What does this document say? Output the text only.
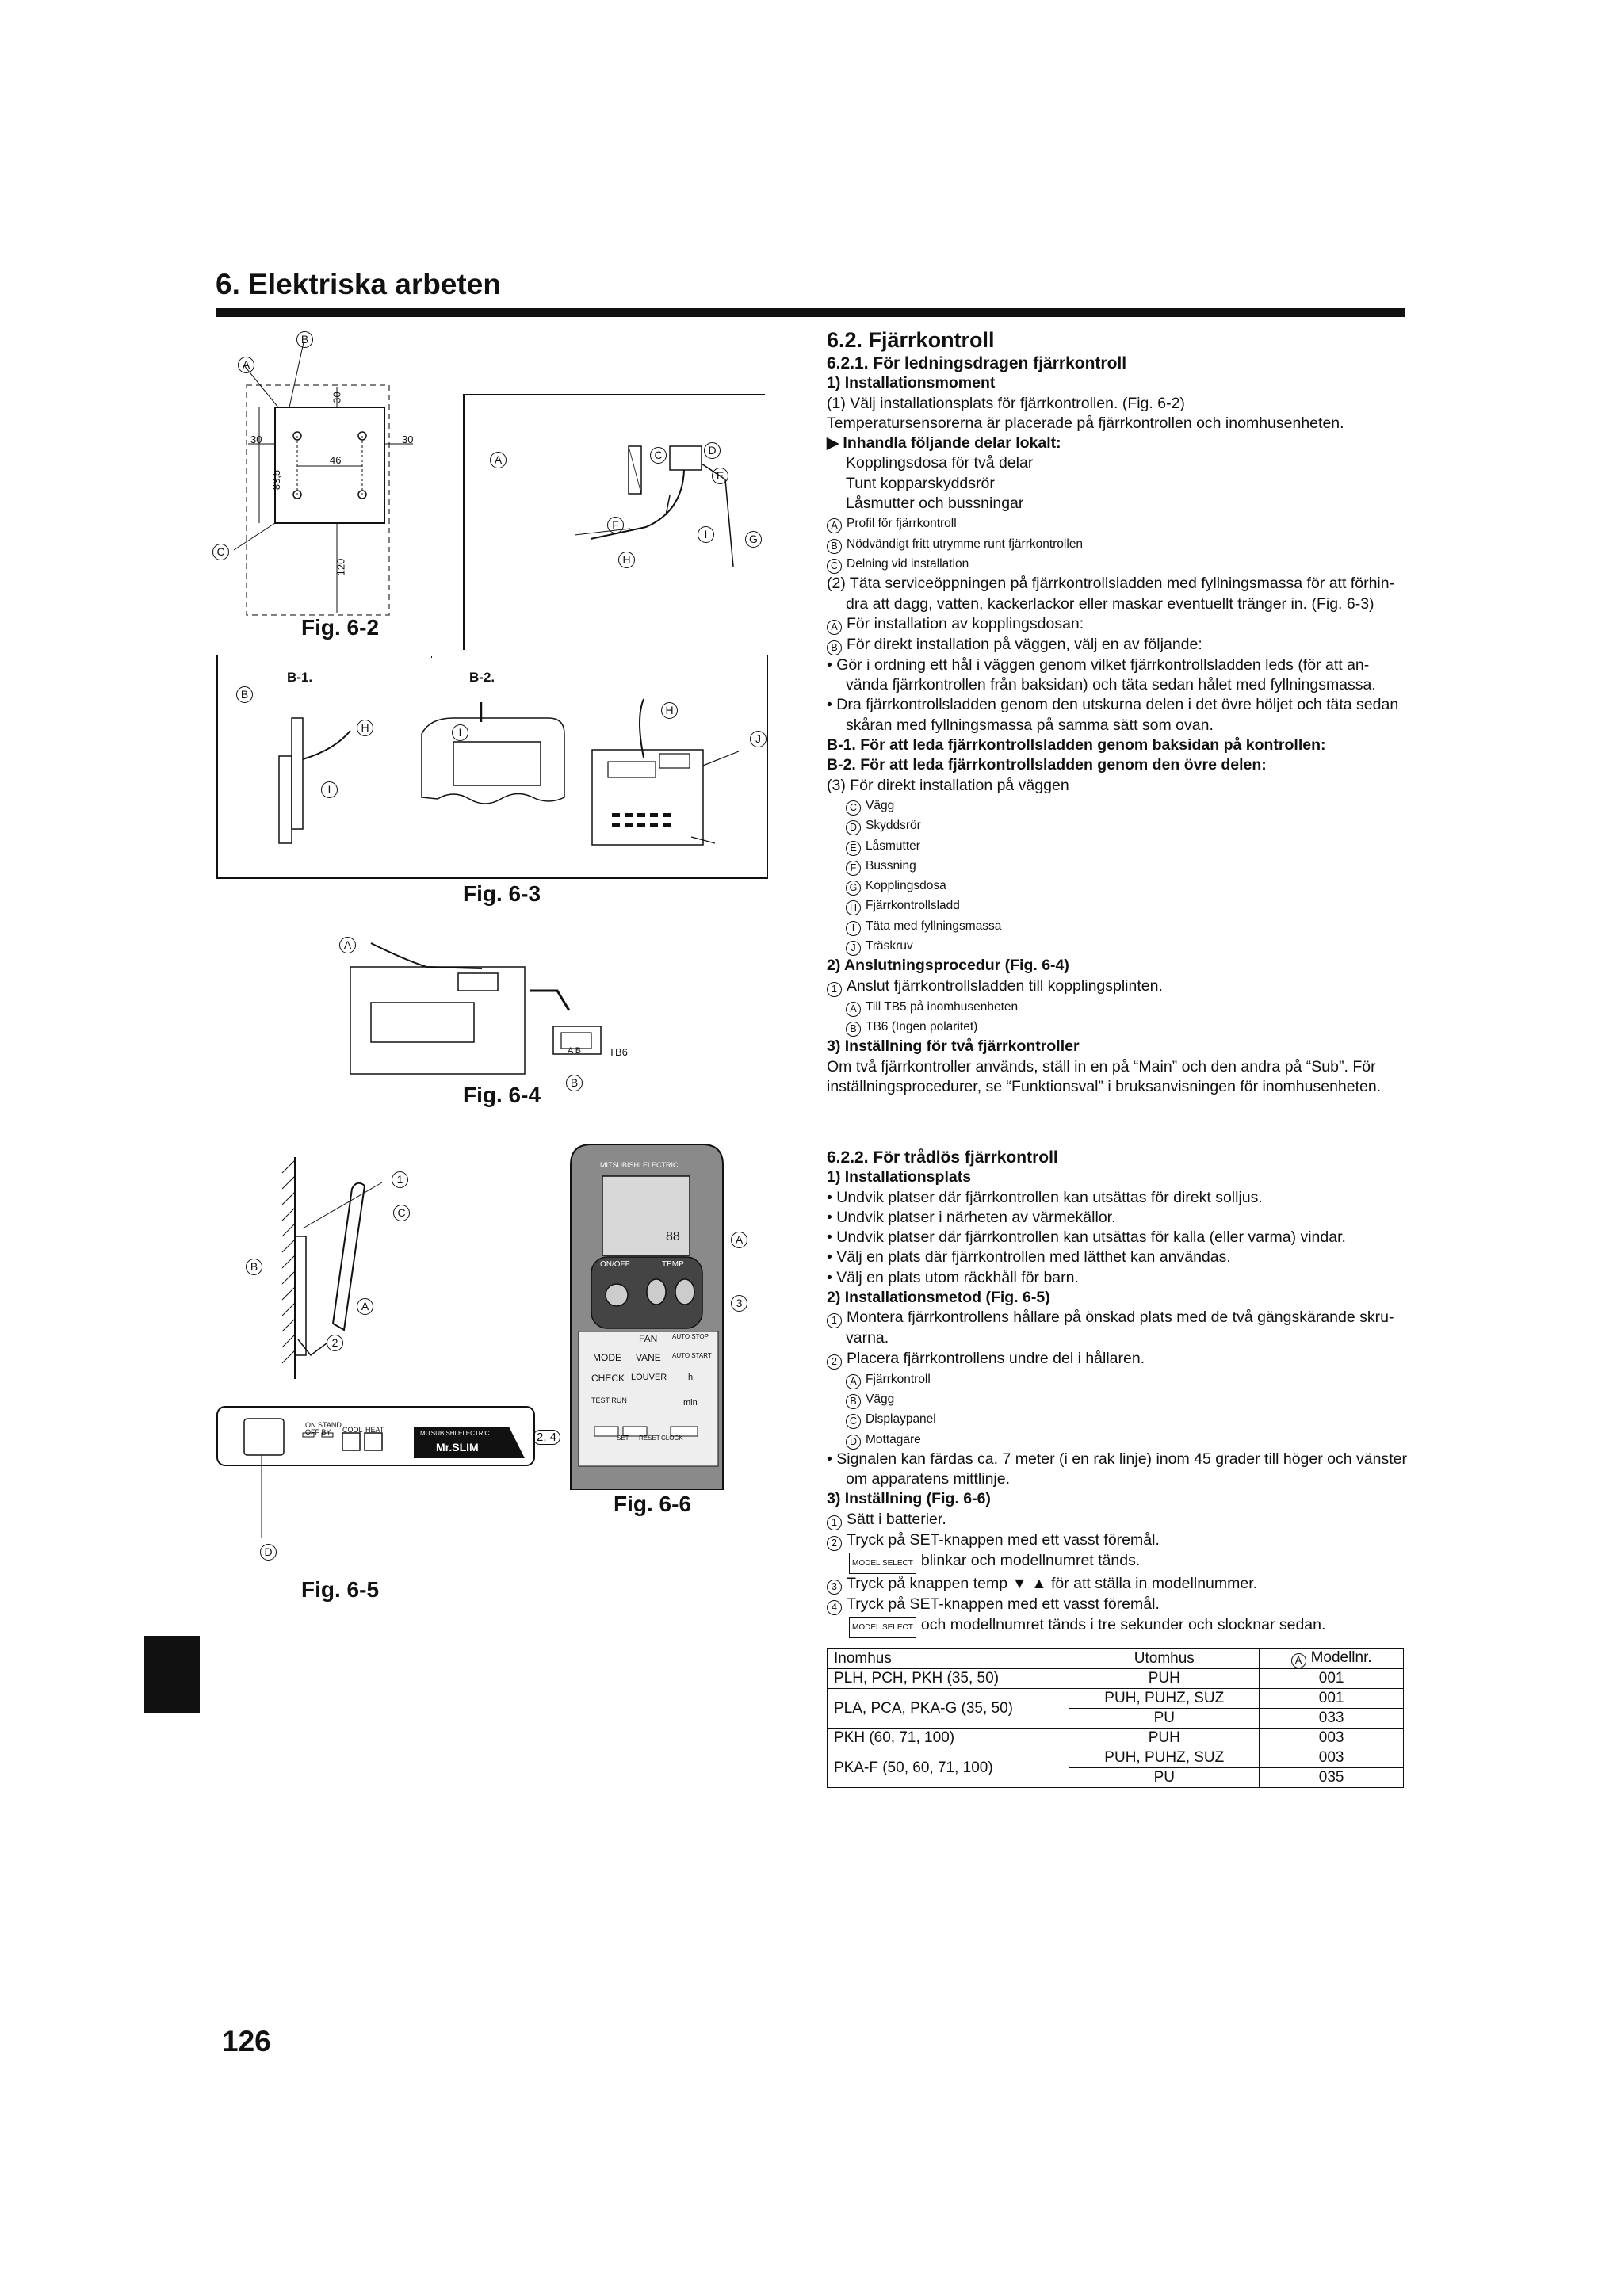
6. Elektriska arbeten
30	30
30
46
83,5
120
B
A
C
Fig. 6-2
A	C	D
E
F
G
H
I
B-1.	B-2.
B
H
I
I
H
J
Fig. 6-3
A B	TB6
A
B
Fig. 6-4
ON STAND
OFF BY COOL HEAT	MITSUBISHI ELECTRIC
Mr.SLIM
1
C
B
A
2
D
Fig. 6-5
MITSUBISHI ELECTRIC
88
ON/OFF	TEMP
FAN
MODE VANE
CHECK LOUVER
TEST RUN
AUTO STOP
AUTO START
h
min
SET RESET CLOCK
A
3
2, 4
Fig. 6-6
6.2. Fjärrkontroll
6.2.1. För ledningsdragen fjärrkontroll
1) Installationsmoment
(1) Välj installationsplats för fjärrkontrollen. (Fig. 6-2)
Temperatursensorerna är placerade på fjärrkontrollen och inomhusenheten.
▶ Inhandla följande delar lokalt:
Kopplingsdosa för två delar
Tunt kopparskyddsrör
Låsmutter och bussningar
A Profil för fjärrkontroll
B Nödvändigt fritt utrymme runt fjärrkontrollen
C Delning vid installation
(2) Täta serviceöppningen på fjärrkontrollsladden med fyllningsmassa för att förhin-
dra att dagg, vatten, kackerlackor eller maskar eventuellt tränger in. (Fig. 6-3)
A För installation av kopplingsdosan:
B För direkt installation på väggen, välj en av följande:
• Gör i ordning ett hål i väggen genom vilket fjärrkontrollsladden leds (för att an-
vända fjärrkontrollen från baksidan) och täta sedan hålet med fyllningsmassa.
• Dra fjärrkontrollsladden genom den utskurna delen i det övre höljet och täta sedan
skåran med fyllningsmassa på samma sätt som ovan.
B-1. För att leda fjärrkontrollsladden genom baksidan på kontrollen:
B-2. För att leda fjärrkontrollsladden genom den övre delen:
(3) För direkt installation på väggen
C Vägg
D Skyddsrör
E Låsmutter
F Bussning
G Kopplingsdosa
H Fjärrkontrollsladd
I Täta med fyllningsmassa
J Träskruv
2) Anslutningsprocedur (Fig. 6-4)
1 Anslut fjärrkontrollsladden till kopplingsplinten.
A Till TB5 på inomhusenheten
B TB6 (Ingen polaritet)
3) Inställning för två fjärrkontroller
Om två fjärrkontroller används, ställ in en på “Main” och den andra på “Sub”. För
inställningsprocedurer, se “Funktionsval” i bruksanvisningen för inomhusenheten.
6.2.2. För trådlös fjärrkontroll
1) Installationsplats
• Undvik platser där fjärrkontrollen kan utsättas för direkt solljus.
• Undvik platser i närheten av värmekällor.
• Undvik platser där fjärrkontrollen kan utsättas för kalla (eller varma) vindar.
• Välj en plats där fjärrkontrollen med lätthet kan användas.
• Välj en plats utom räckhåll för barn.
2) Installationsmetod (Fig. 6-5)
1 Montera fjärrkontrollens hållare på önskad plats med de två gängskärande skru-
varna.
2 Placera fjärrkontrollens undre del i hållaren.
A Fjärrkontroll
B Vägg
C Displaypanel
D Mottagare
• Signalen kan färdas ca. 7 meter (i en rak linje) inom 45 grader till höger och vänster
om apparatens mittlinje.
3) Inställning (Fig. 6-6)
1 Sätt i batterier.
2 Tryck på SET-knappen med ett vasst föremål.
MODEL SELECT blinkar och modellnumret tänds.
3 Tryck på knappen temp ▼ ▲ för att ställa in modellnummer.
4 Tryck på SET-knappen med ett vasst föremål.
MODEL SELECT och modellnumret tänds i tre sekunder och slocknar sedan.
Inomhus	Utomhus	A Modellnr.
PLH, PCH, PKH (35, 50)	PUH	001
PLA, PCA, PKA-G (35, 50)	PUH, PUHZ, SUZ	001
	PU	033
PKH (60, 71, 100)	PUH	003
PKA-F (50, 60, 71, 100)	PUH, PUHZ, SUZ	003
	PU	035
126
